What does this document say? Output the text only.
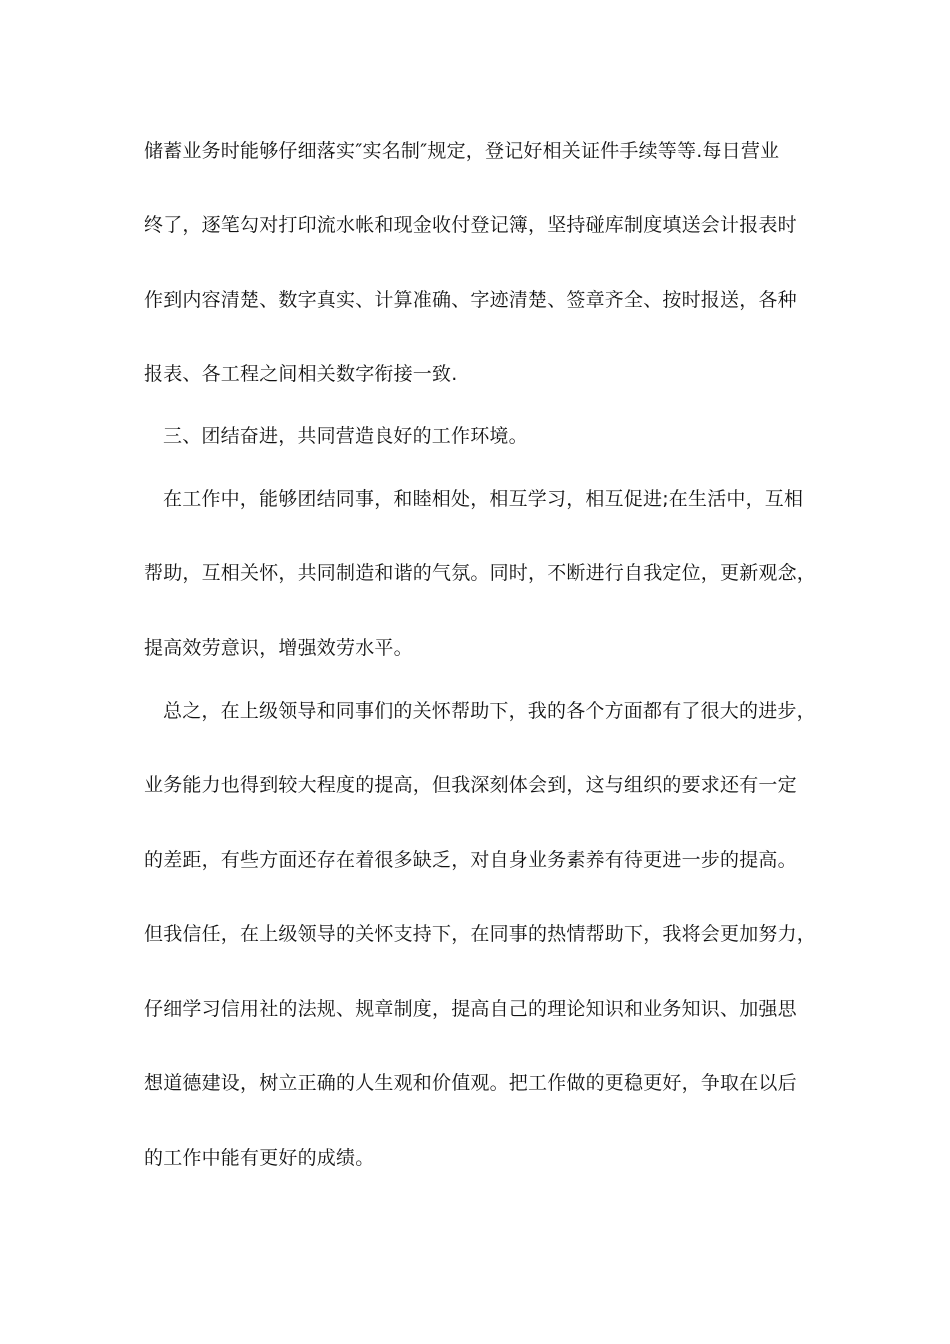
储蓄业务时能够仔细落实″实名制″规定，登记好相关证件手续等等.每日营业
终了，逐笔勾对打印流水帐和现金收付登记簿，坚持碰库制度填送会计报表时
作到内容清楚、数字真实、计算准确、字迹清楚、签章齐全、按时报送，各种
报表、各工程之间相关数字衔接一致.
三、团结奋进，共同营造良好的工作环境。
在工作中，能够团结同事，和睦相处，相互学习，相互促进;在生活中，互相
帮助，互相关怀，共同制造和谐的气氛。同时，不断进行自我定位，更新观念，
提高效劳意识，增强效劳水平。
总之，在上级领导和同事们的关怀帮助下，我的各个方面都有了很大的进步，
业务能力也得到较大程度的提高，但我深刻体会到，这与组织的要求还有一定
的差距，有些方面还存在着很多缺乏，对自身业务素养有待更进一步的提高。
但我信任，在上级领导的关怀支持下，在同事的热情帮助下，我将会更加努力，
仔细学习信用社的法规、规章制度，提高自己的理论知识和业务知识、加强思
想道德建设，树立正确的人生观和价值观。把工作做的更稳更好，争取在以后
的工作中能有更好的成绩。
